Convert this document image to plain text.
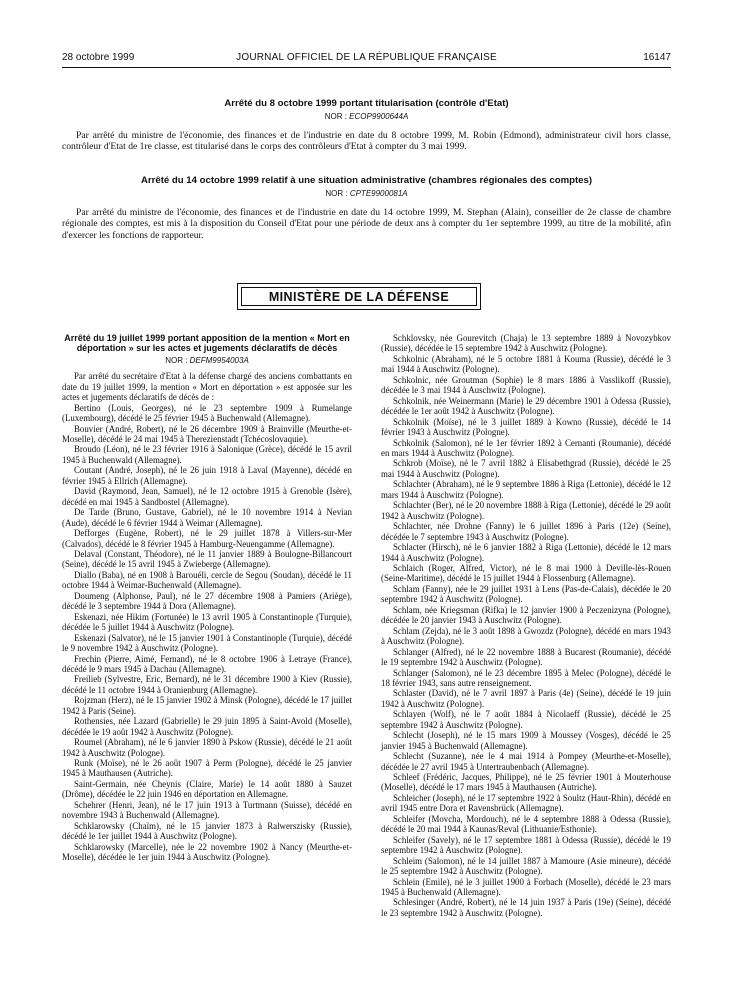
28 octobre 1999	JOURNAL OFFICIEL DE LA RÉPUBLIQUE FRANÇAISE	16147
Arrêté du 8 octobre 1999 portant titularisation (contrôle d'Etat)
NOR : ECOP9900644A
Par arrêté du ministre de l'économie, des finances et de l'industrie en date du 8 octobre 1999, M. Robin (Edmond), administrateur civil hors classe, contrôleur d'Etat de 1re classe, est titularisé dans le corps des contrôleurs d'Etat à compter du 3 mai 1999.
Arrêté du 14 octobre 1999 relatif à une situation administrative (chambres régionales des comptes)
NOR : CPTE9900081A
Par arrêté du ministre de l'économie, des finances et de l'industrie en date du 14 octobre 1999, M. Stephan (Alain), conseiller de 2e classe de chambre régionale des comptes, est mis à la disposition du Conseil d'Etat pour une période de deux ans à compter du 1er septembre 1999, au titre de la mobilité, afin d'exercer les fonctions de rapporteur.
MINISTÈRE DE LA DÉFENSE
Arrêté du 19 juillet 1999 portant apposition de la mention « Mort en déportation » sur les actes et jugements déclaratifs de décès
NOR : DEFM9954003A

Par arrêté du secrétaire d'Etat à la défense chargé des anciens combattants en date du 19 juillet 1999, la mention « Mort en déportation » est apposée sur les actes et jugements déclaratifs de décès de :

Bertino (Louis, Georges), né le 23 septembre 1909 à Rumelange (Luxembourg), décédé le 25 février 1945 à Buchenwald (Allemagne).

Bouvier (André, Robert), né le 26 décembre 1909 à Brainville (Meurthe-et-Moselle), décédé le 24 mai 1945 à Therezienstadt (Tchécoslovaquie).

Broudo (Léon), né le 23 février 1916 à Salonique (Grèce), décédé le 15 avril 1945 à Buchenwald (Allemagne).

Coutant (André, Joseph), né le 26 juin 1918 à Laval (Mayenne), décédé en février 1945 à Ellrich (Allemagne).

David (Raymond, Jean, Samuel), né le 12 octobre 1915 à Grenoble (Isère), décédé en mai 1945 à Sandbostel (Allemagne).

De Tarde (Bruno, Gustave, Gabriel), né le 10 novembre 1914 à Nevian (Aude), décédé le 6 février 1944 à Weimar (Allemagne).

Defforges (Eugène, Robert), né le 29 juillet 1878 à Villers-sur-Mer (Calvados), décédé le 8 février 1945 à Hamburg-Neuengamme (Allemagne).

Delaval (Constant, Théodore), né le 11 janvier 1889 à Boulogne-Billancourt (Seine), décédé le 15 avril 1945 à Zwieberge (Allemagne).

Diallo (Baba), né en 1908 à Barouéli, cercle de Segou (Soudan), décédé le 11 octobre 1944 à Weimar-Buchenwald (Allemagne).

Doumeng (Alphonse, Paul), né le 27 décembre 1908 à Pamiers (Ariège), décédé le 3 septembre 1944 à Dora (Allemagne).

Eskenazi, née Hikim (Fortunée) le 13 avril 1905 à Constantinople (Turquie), décédée le 5 juillet 1944 à Auschwitz (Pologne).

Eskenazi (Salvator), né le 15 janvier 1901 à Constantinople (Turquie), décédé le 9 novembre 1942 à Auschwitz (Pologne).

Frechin (Pierre, Aimé, Fernand), né le 8 octobre 1906 à Letraye (France), décédé le 9 mars 1945 à Dachau (Allemagne).

Freilieb (Sylvestre, Eric, Bernard), né le 31 décembre 1900 à Kiev (Russie), décédé le 11 octobre 1944 à Oranienburg (Allemagne).

Rojzman (Herz), né le 15 janvier 1902 à Minsk (Pologne), décédé le 17 juillet 1942 à Paris (Seine).

Rothensies, née Lazard (Gabrielle) le 29 juin 1895 à Saint-Avold (Moselle), décédée le 19 août 1942 à Auschwitz (Pologne).

Roumel (Abraham), né le 6 janvier 1890 à Pskow (Russie), décédé le 21 août 1942 à Auschwitz (Pologne).

Runk (Moïse), né le 26 août 1907 à Perm (Pologne), décédé le 25 janvier 1945 à Mauthausen (Autriche).

Saint-Germain, née Cheynis (Claire, Marie) le 14 août 1880 à Sauzet (Drôme), décédée le 22 juin 1946 en déportation en Allemagne.

Schehrer (Henri, Jean), né le 17 juin 1913 à Turtmann (Suisse), décédé en novembre 1943 à Buchenwald (Allemagne).

Schklarowsky (Chaïm), né le 15 janvier 1873 à Ralwerszisky (Russie), décédé le 1er juillet 1944 à Auschwitz (Pologne).

Schklarowsky (Marcelle), née le 22 novembre 1902 à Nancy (Meurthe-et-Moselle), décédée le 1er juin 1944 à Auschwitz (Pologne).

Schklovsky, née Gourevitch (Chaja) le 13 septembre 1889 à Novozybkov (Russie), décédée le 15 septembre 1942 à Auschwitz (Pologne).

Schkolnic (Abraham), né le 5 octobre 1881 à Kouma (Russie), décédé le 3 mai 1944 à Auschwitz (Pologne).

Schkolnic, née Groutman (Sophie) le 8 mars 1886 à Vasslikoff (Russie), décédée le 3 mai 1944 à Auschwitz (Pologne).

Schkolnik, née Weinermann (Marie) le 29 décembre 1901 à Odessa (Russie), décédée le 1er août 1942 à Auschwitz (Pologne).

Schkolnik (Moïse), né le 3 juillet 1889 à Kowno (Russie), décédé le 14 février 1943 à Auschwitz (Pologne).

Schkolnik (Salomon), né le 1er février 1892 à Cernanti (Roumanie), décédé en mars 1944 à Auschwitz (Pologne).

Schkrob (Moïse), né le 7 avril 1882 à Elisabethgrad (Russie), décédé le 25 mai 1944 à Auschwitz (Pologne).

Schlachter (Abraham), né le 9 septembre 1886 à Riga (Lettonie), décédé le 12 mars 1944 à Auschwitz (Pologne).

Schlachter (Ber), né le 20 novembre 1888 à Riga (Lettonie), décédé le 29 août 1942 à Auschwitz (Pologne).

Schlachter, née Drohne (Fanny) le 6 juillet 1896 à Paris (12e) (Seine), décédée le 7 septembre 1943 à Auschwitz (Pologne).

Schlacter (Hirsch), né le 6 janvier 1882 à Riga (Lettonie), décédé le 12 mars 1944 à Auschwitz (Pologne).

Schlaich (Roger, Alfred, Victor), né le 8 mai 1900 à Deville-lès-Rouen (Seine-Maritime), décédé le 15 juillet 1944 à Flossenburg (Allemagne).

Schlam (Fanny), née le 29 juillet 1931 à Lens (Pas-de-Calais), décédée le 20 septembre 1942 à Auschwitz (Pologne).

Schlam, née Kriegsman (Rifka) le 12 janvier 1900 à Peczenizyna (Pologne), décédée le 20 janvier 1943 à Auschwitz (Pologne).

Schlam (Zejda), né le 3 août 1898 à Gwozdz (Pologne), décédé en mars 1943 à Auschwitz (Pologne).

Schlanger (Alfred), né le 22 novembre 1888 à Bucarest (Roumanie), décédé le 19 septembre 1942 à Auschwitz (Pologne).

Schlanger (Salomon), né le 23 décembre 1895 à Melec (Pologne), décédé le 18 février 1943, sans autre renseignement.

Schlaster (David), né le 7 avril 1897 à Paris (4e) (Seine), décédé le 19 juin 1942 à Auschwitz (Pologne).

Schlayen (Wolf), né le 7 août 1884 à Nicolaeff (Russie), décédé le 25 septembre 1942 à Auschwitz (Pologne).

Schlecht (Joseph), né le 15 mars 1909 à Moussey (Vosges), décédé le 25 janvier 1945 à Buchenwald (Allemagne).

Schlecht (Suzanne), née le 4 mai 1914 à Pompey (Meurthe-et-Moselle), décédée le 27 avril 1945 à Untertraubenbach (Allemagne).

Schleef (Frédéric, Jacques, Philippe), né le 25 février 1901 à Mouterhouse (Moselle), décédé le 17 mars 1945 à Mauthausen (Autriche).

Schleicher (Joseph), né le 17 septembre 1922 à Soultz (Haut-Rhin), décédé en avril 1945 entre Dora et Ravensbrück (Allemagne).

Schleifer (Movcha, Mordouch), né le 4 septembre 1888 à Odessa (Russie), décédé le 20 mai 1944 à Kaunas/Reval (Lithuanie/Esthonie).

Schleifer (Savely), né le 17 septembre 1881 à Odessa (Russie), décédé le 19 septembre 1942 à Auschwitz (Pologne).

Schleim (Salomon), né le 14 juillet 1887 à Mamoure (Asie mineure), décédé le 25 septembre 1942 à Auschwitz (Pologne).

Schlein (Emile), né le 3 juillet 1900 à Forbach (Moselle), décédé le 23 mars 1945 à Buchenwald (Allemagne).

Schlesinger (André, Robert), né le 14 juin 1937 à Paris (19e) (Seine), décédé le 23 septembre 1942 à Auschwitz (Pologne).
